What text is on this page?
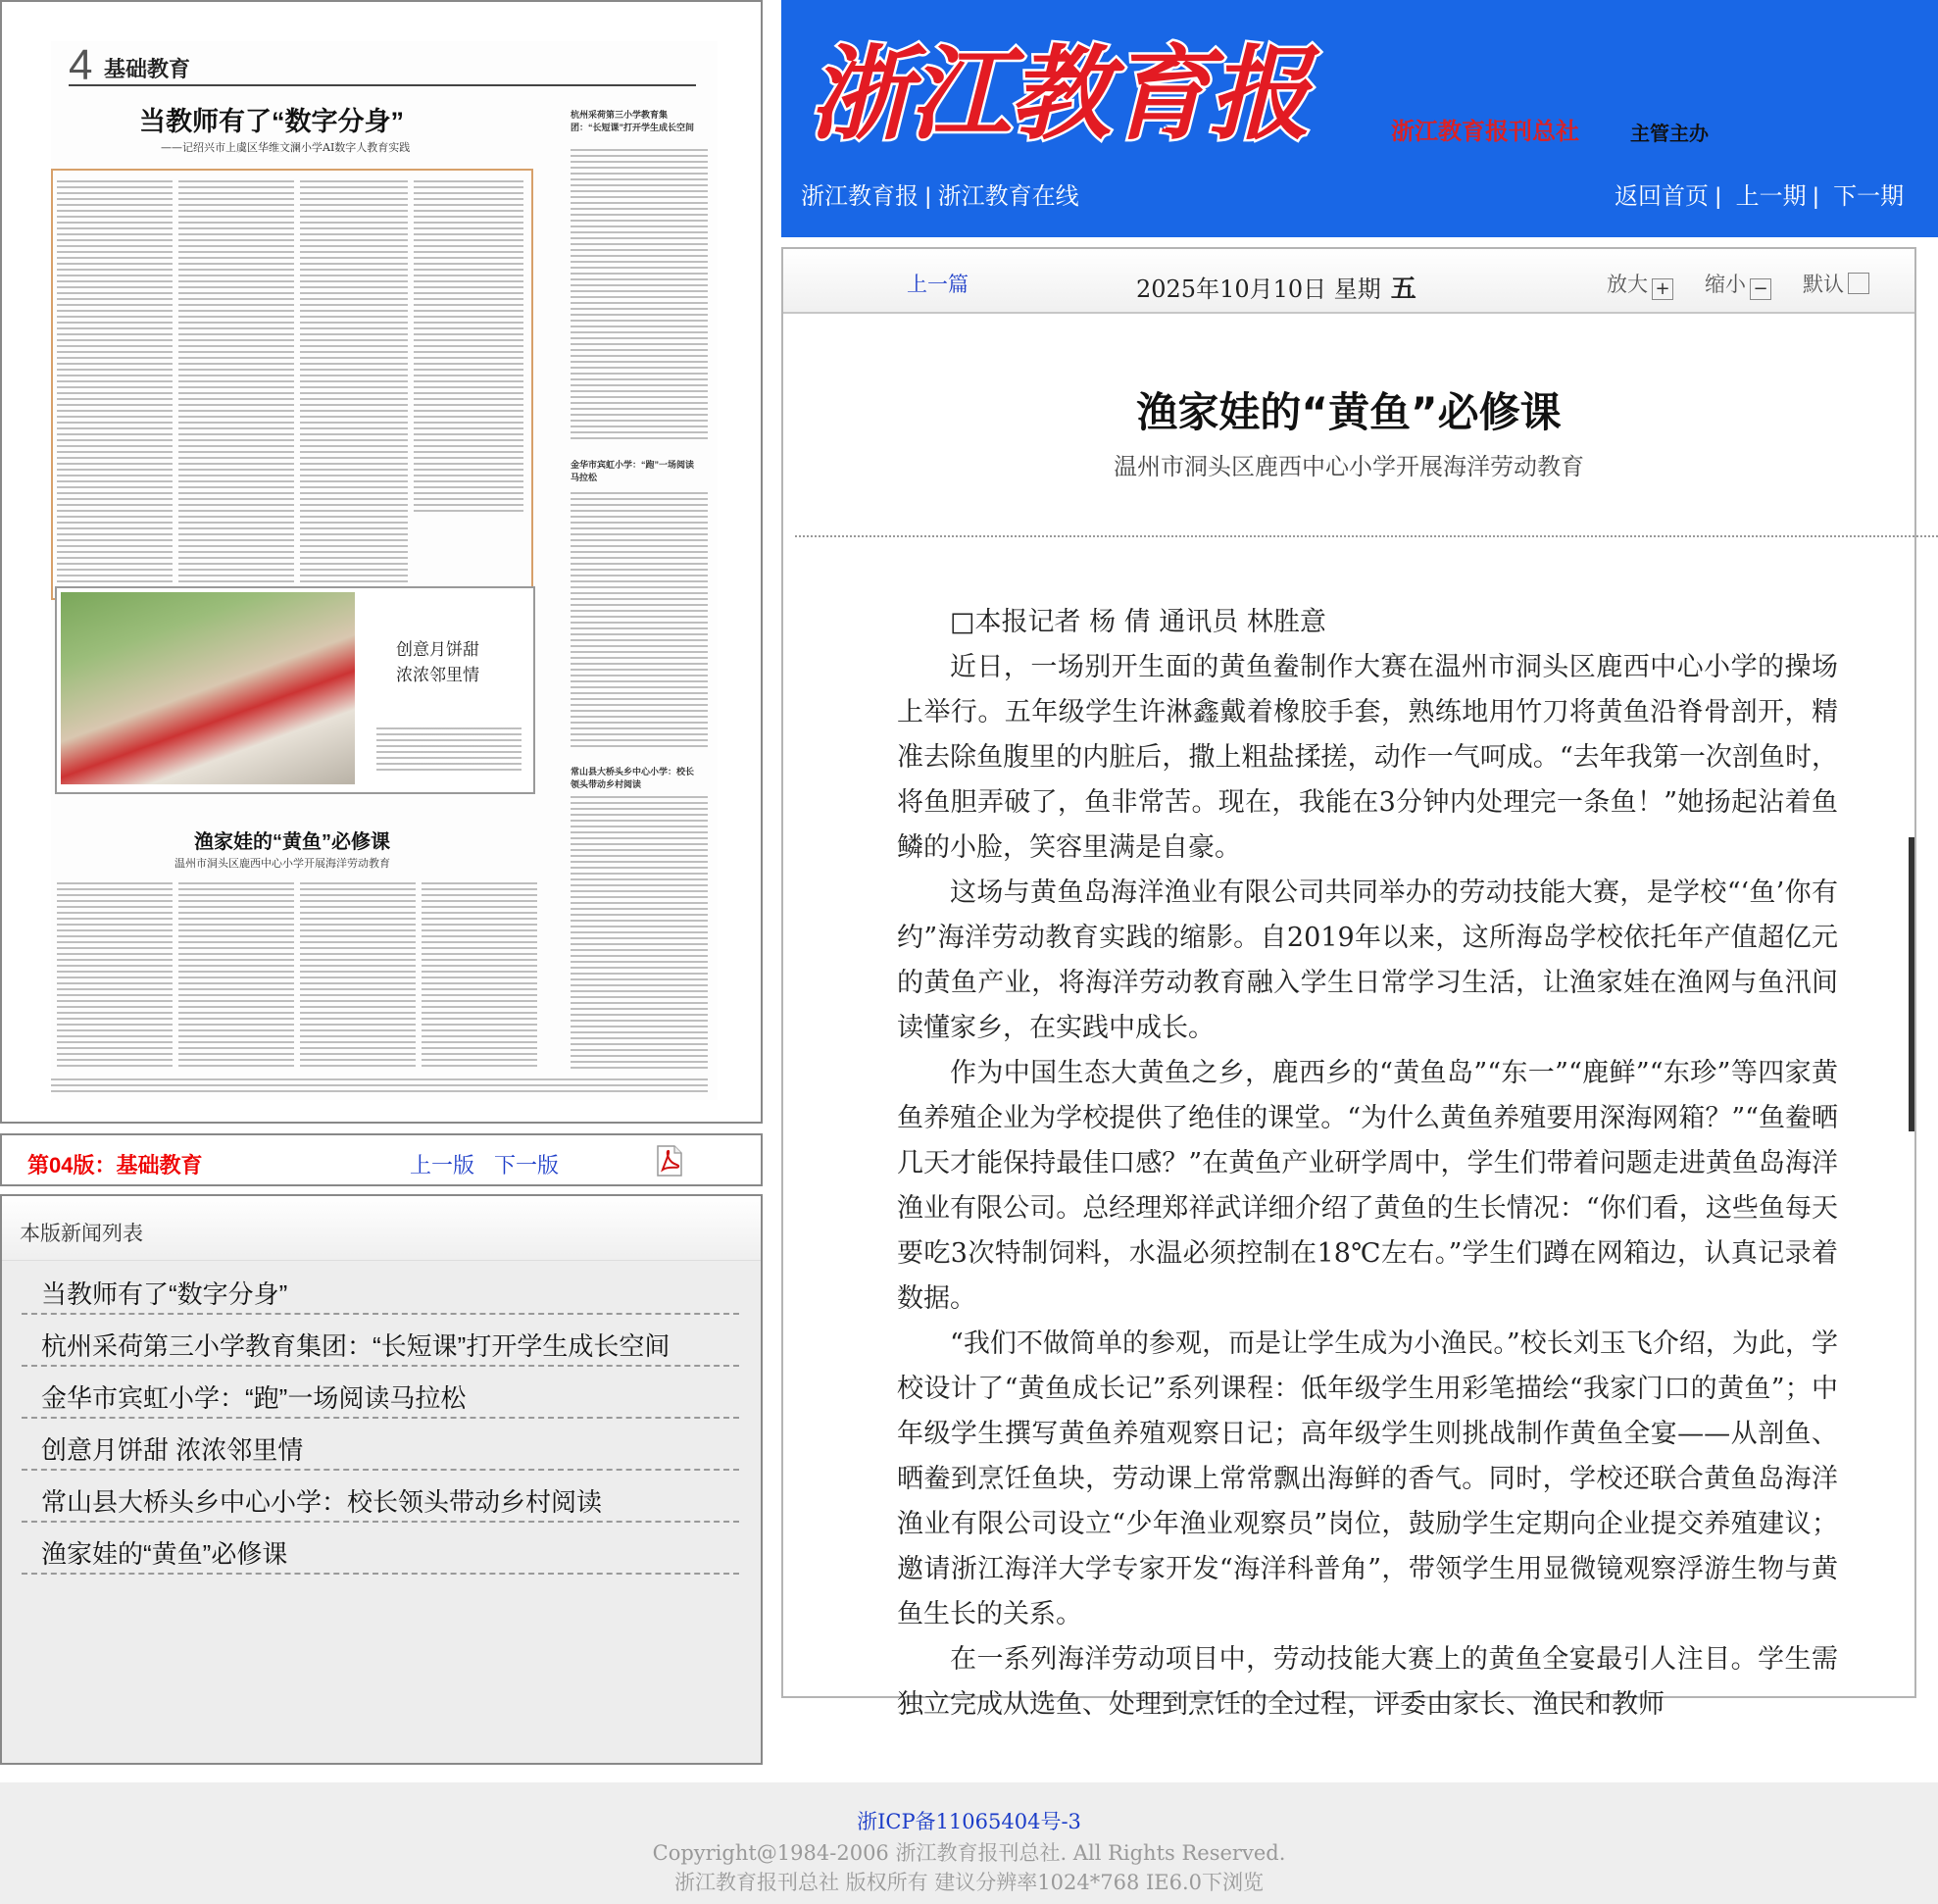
4 基础教育
当教师有了“数字分身”
——记绍兴市上虞区华维文澜小学AI数字人教育实践
杭州采荷第三小学教育集团：“长短课”打开学生成长空间
金华市宾虹小学：“跑”一场阅读马拉松
创意月饼甜
浓浓邻里情
常山县大桥头乡中心小学：校长领头带动乡村阅读
渔家娃的“黄鱼”必修课
温州市洞头区鹿西中心小学开展海洋劳动教育
第04版：基础教育	上一版 下一版
本版新闻列表
当教师有了“数字分身”
杭州采荷第三小学教育集团：“长短课”打开学生成长空间
金华市宾虹小学：“跑”一场阅读马拉松
创意月饼甜 浓浓邻里情
常山县大桥头乡中心小学：校长领头带动乡村阅读
渔家娃的“黄鱼”必修课
浙江教育报	浙江教育报刊总社	主管主办
浙江教育报 | 浙江教育在线	返回首页 | 上一期 | 下一期
上一篇	2025年10月10日 星期 五	放大 + 缩小 − 默认
渔家娃的“黄鱼”必修课
温州市洞头区鹿西中心小学开展海洋劳动教育

□本报记者 杨 倩 通讯员 林胜意

近日，一场别开生面的黄鱼鲞制作大赛在温州市洞头区鹿西中心小学的操场上举行。五年级学生许淋鑫戴着橡胶手套，熟练地用竹刀将黄鱼沿脊骨剖开，精准去除鱼腹里的内脏后，撒上粗盐揉搓，动作一气呵成。“去年我第一次剖鱼时，将鱼胆弄破了，鱼非常苦。现在，我能在3分钟内处理完一条鱼！”她扬起沾着鱼鳞的小脸，笑容里满是自豪。

这场与黄鱼岛海洋渔业有限公司共同举办的劳动技能大赛，是学校“‘鱼’你有约”海洋劳动教育实践的缩影。自2019年以来，这所海岛学校依托年产值超亿元的黄鱼产业，将海洋劳动教育融入学生日常学习生活，让渔家娃在渔网与鱼汛间读懂家乡，在实践中成长。

作为中国生态大黄鱼之乡，鹿西乡的“黄鱼岛”“东一”“鹿鲜”“东珍”等四家黄鱼养殖企业为学校提供了绝佳的课堂。“为什么黄鱼养殖要用深海网箱？”“鱼鲞晒几天才能保持最佳口感？”在黄鱼产业研学周中，学生们带着问题走进黄鱼岛海洋渔业有限公司。总经理郑祥武详细介绍了黄鱼的生长情况：“你们看，这些鱼每天要吃3次特制饲料，水温必须控制在18℃左右。”学生们蹲在网箱边，认真记录着数据。

“我们不做简单的参观，而是让学生成为小渔民。”校长刘玉飞介绍，为此，学校设计了“黄鱼成长记”系列课程：低年级学生用彩笔描绘“我家门口的黄鱼”；中年级学生撰写黄鱼养殖观察日记；高年级学生则挑战制作黄鱼全宴——从剖鱼、晒鲞到烹饪鱼块，劳动课上常常飘出海鲜的香气。同时，学校还联合黄鱼岛海洋渔业有限公司设立“少年渔业观察员”岗位，鼓励学生定期向企业提交养殖建议；邀请浙江海洋大学专家开发“海洋科普角”，带领学生用显微镜观察浮游生物与黄鱼生长的关系。

在一系列海洋劳动项目中，劳动技能大赛上的黄鱼全宴最引人注目。学生需独立完成从选鱼、处理到烹饪的全过程，评委由家长、渔民和教师

浙ICP备11065404号-3
Copyright@1984-2006 浙江教育报刊总社. All Rights Reserved.
浙江教育报刊总社 版权所有 建议分辨率1024*768 IE6.0下浏览
